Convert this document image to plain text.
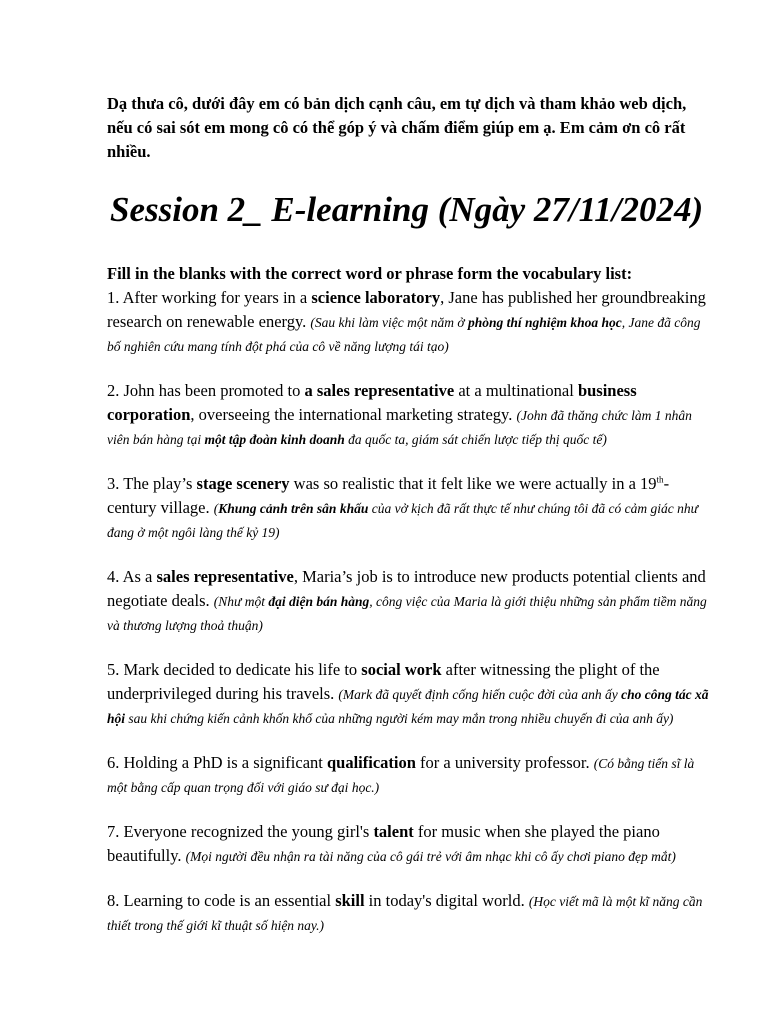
Dạ thưa cô, dưới đây em có bản dịch cạnh câu, em tự dịch và tham khảo web dịch, nếu có sai sót em mong cô có thể góp ý và chấm điểm giúp em ạ. Em cảm ơn cô rất nhiều.

Session 2_ E-learning (Ngày 27/11/2024)
Fill in the blanks with the correct word or phrase form the vocabulary list:
1. After working for years in a science laboratory, Jane has published her groundbreaking research on renewable energy. (Sau khi làm việc một năm ở phòng thí nghiệm khoa học, Jane đã công bố nghiên cứu mang tính đột phá của cô về năng lượng tái tạo)
2. John has been promoted to a sales representative at a multinational business corporation, overseeing the international marketing strategy. (John đã thăng chức làm 1 nhân viên bán hàng tại một tập đoàn kinh doanh đa quốc ta, giám sát chiến lược tiếp thị quốc tế)
3. The play’s stage scenery was so realistic that it felt like we were actually in a 19th-century village. (Khung cảnh trên sân khấu của vở kịch đã rất thực tế như chúng tôi đã có cảm giác như đang ở một ngôi làng thế kỷ 19)
4. As a sales representative, Maria’s job is to introduce new products potential clients and negotiate deals. (Như một đại diện bán hàng, công việc của Maria là giới thiệu những sản phẩm tiềm năng và thương lượng thoả thuận)
5. Mark decided to dedicate his life to social work after witnessing the plight of the underprivileged during his travels. (Mark đã quyết định cống hiến cuộc đời của anh ấy cho công tác xã hội sau khi chứng kiến cảnh khốn khổ của những người kém may mắn trong nhiều chuyến đi của anh ấy)
6. Holding a PhD is a significant qualification for a university professor. (Có bằng tiến sĩ là một bằng cấp quan trọng đối với giáo sư đại học.)
7. Everyone recognized the young girl's talent for music when she played the piano beautifully. (Mọi người đều nhận ra tài năng của cô gái trẻ với âm nhạc khi cô ấy chơi piano đẹp mắt)
8. Learning to code is an essential skill in today's digital world. (Học viết mã là một kĩ năng cần thiết trong thế giới kĩ thuật số hiện nay.)
